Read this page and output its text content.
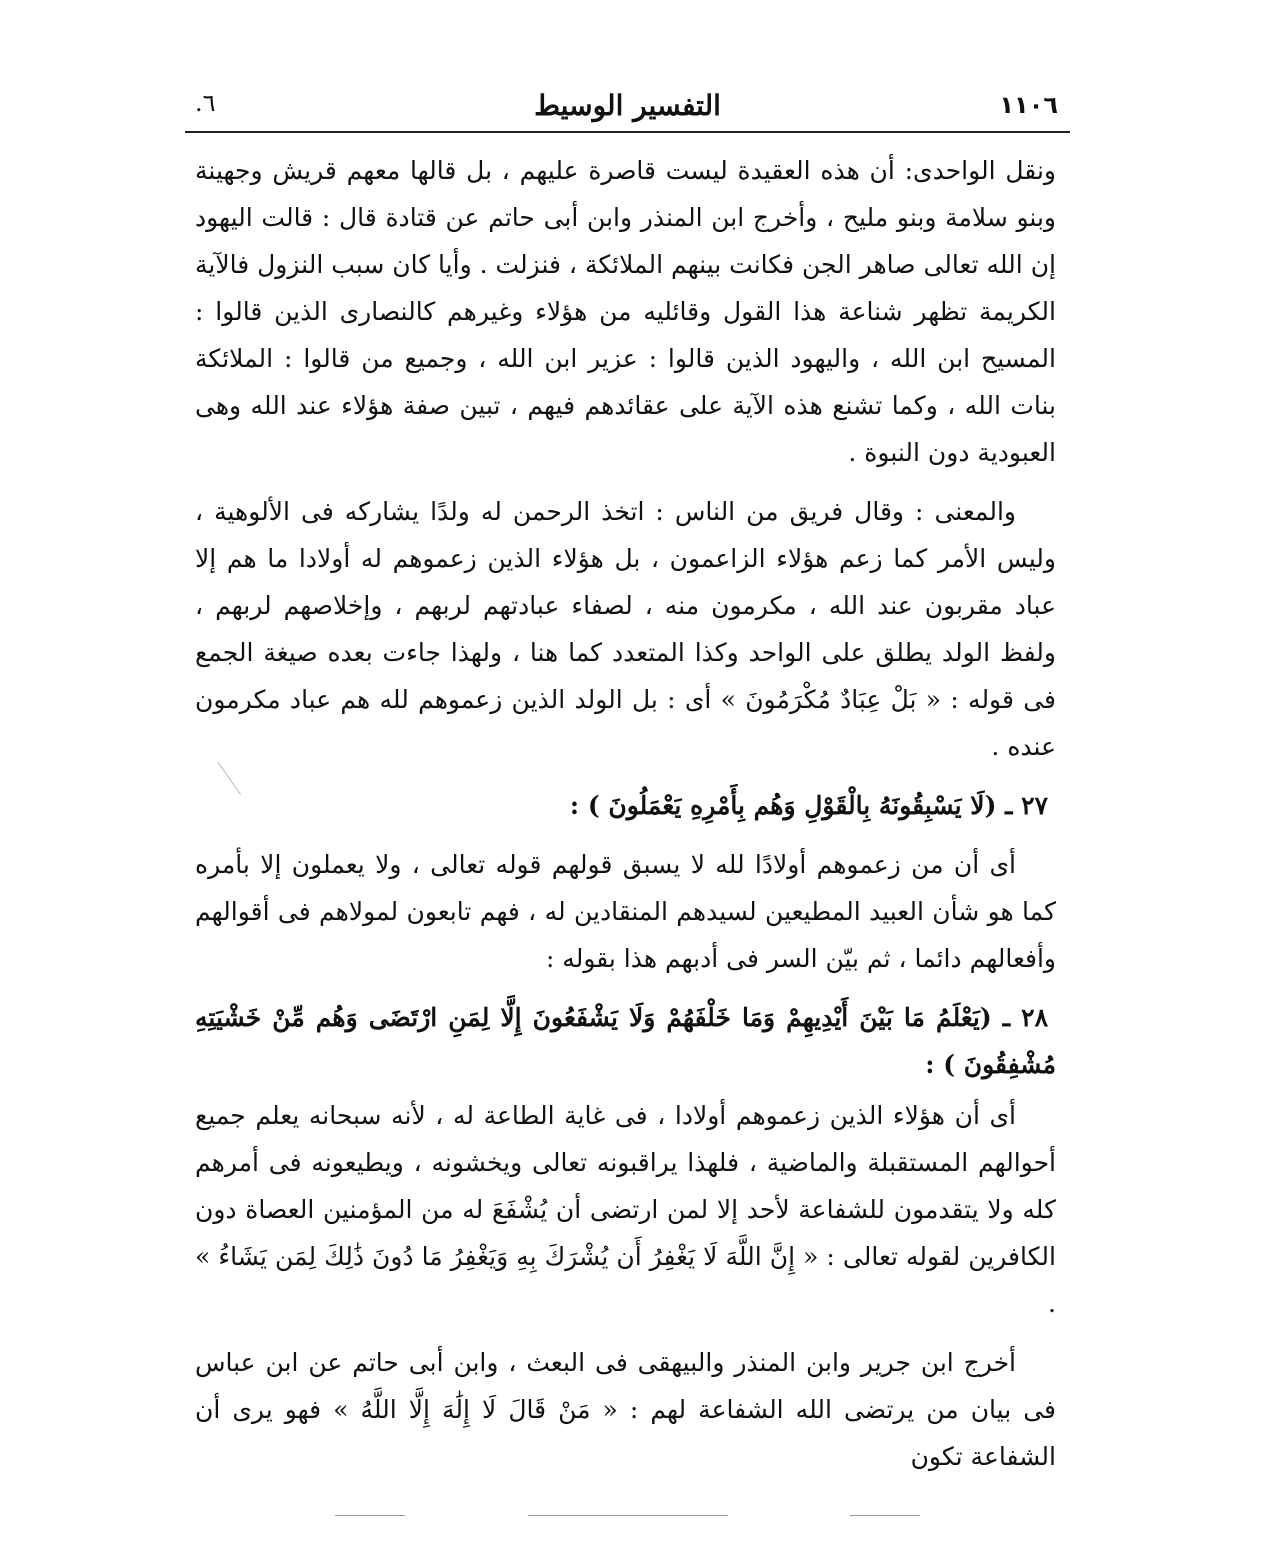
١١٠٦
التفسير الوسيط
٦.

ونقل الواحدى: أن هذه العقيدة ليست قاصرة عليهم ، بل قالها معهم قريش وجهينة وبنو سلامة وبنو مليح ، وأخرج ابن المنذر وابن أبى حاتم عن قتادة قال : قالت اليهود إن الله تعالى صاهر الجن فكانت بينهم الملائكة ، فنزلت . وأيا كان سبب النزول فالآية الكريمة تظهر شناعة هذا القول وقائليه من هؤلاء وغيرهم كالنصارى الذين قالوا : المسيح ابن الله ، واليهود الذين قالوا : عزير ابن الله ، وجميع من قالوا : الملائكة بنات الله ، وكما تشنع هذه الآية على عقائدهم فيهم ، تبين صفة هؤلاء عند الله وهى العبودية دون النبوة .

والمعنى : وقال فريق من الناس : اتخذ الرحمن له ولدًا يشاركه فى الألوهية ، وليس الأمر كما زعم هؤلاء الزاعمون ، بل هؤلاء الذين زعموهم له أولادا ما هم إلا عباد مقربون عند الله ، مكرمون منه ، لصفاء عبادتهم لربهم ، وإخلاصهم لربهم ، ولفظ الولد يطلق على الواحد وكذا المتعدد كما هنا ، ولهذا جاءت بعده صيغة الجمع فى قوله : « بَلْ عِبَادٌ مُكْرَمُونَ » أى : بل الولد الذين زعموهم لله هم عباد مكرمون عنده .

٢٧ ـ (لَا يَسْبِقُونَهُ بِالْقَوْلِ وَهُم بِأَمْرِهِ يَعْمَلُونَ ) :

أى أن من زعموهم أولادًا لله لا يسبق قولهم قوله تعالى ، ولا يعملون إلا بأمره كما هو شأن العبيد المطيعين لسيدهم المنقادين له ، فهم تابعون لمولاهم فى أقوالهم وأفعالهم دائما ، ثم بيّن السر فى أدبهم هذا بقوله :

٢٨ ـ (يَعْلَمُ مَا بَيْنَ أَيْدِيهِمْ وَمَا خَلْفَهُمْ وَلَا يَشْفَعُونَ إِلَّا لِمَنِ ارْتَضَى وَهُم مِّنْ خَشْيَتِهِ مُشْفِقُونَ ) :

أى أن هؤلاء الذين زعموهم أولادا ، فى غاية الطاعة له ، لأنه سبحانه يعلم جميع أحوالهم المستقبلة والماضية ، فلهذا يراقبونه تعالى ويخشونه ، ويطيعونه فى أمرهم كله ولا يتقدمون للشفاعة لأحد إلا لمن ارتضى أن يُشْفَعَ له من المؤمنين العصاة دون الكافرين لقوله تعالى : « إِنَّ اللَّهَ لَا يَغْفِرُ أَن يُشْرَكَ بِهِ وَيَغْفِرُ مَا دُونَ ذَٰلِكَ لِمَن يَشَاءُ » .

أخرج ابن جرير وابن المنذر والبيهقى فى البعث ، وابن أبى حاتم عن ابن عباس فى بيان من يرتضى الله الشفاعة لهم : « مَنْ قَالَ لَا إِلَٰهَ إِلَّا اللَّهُ » فهو يرى أن الشفاعة تكون
